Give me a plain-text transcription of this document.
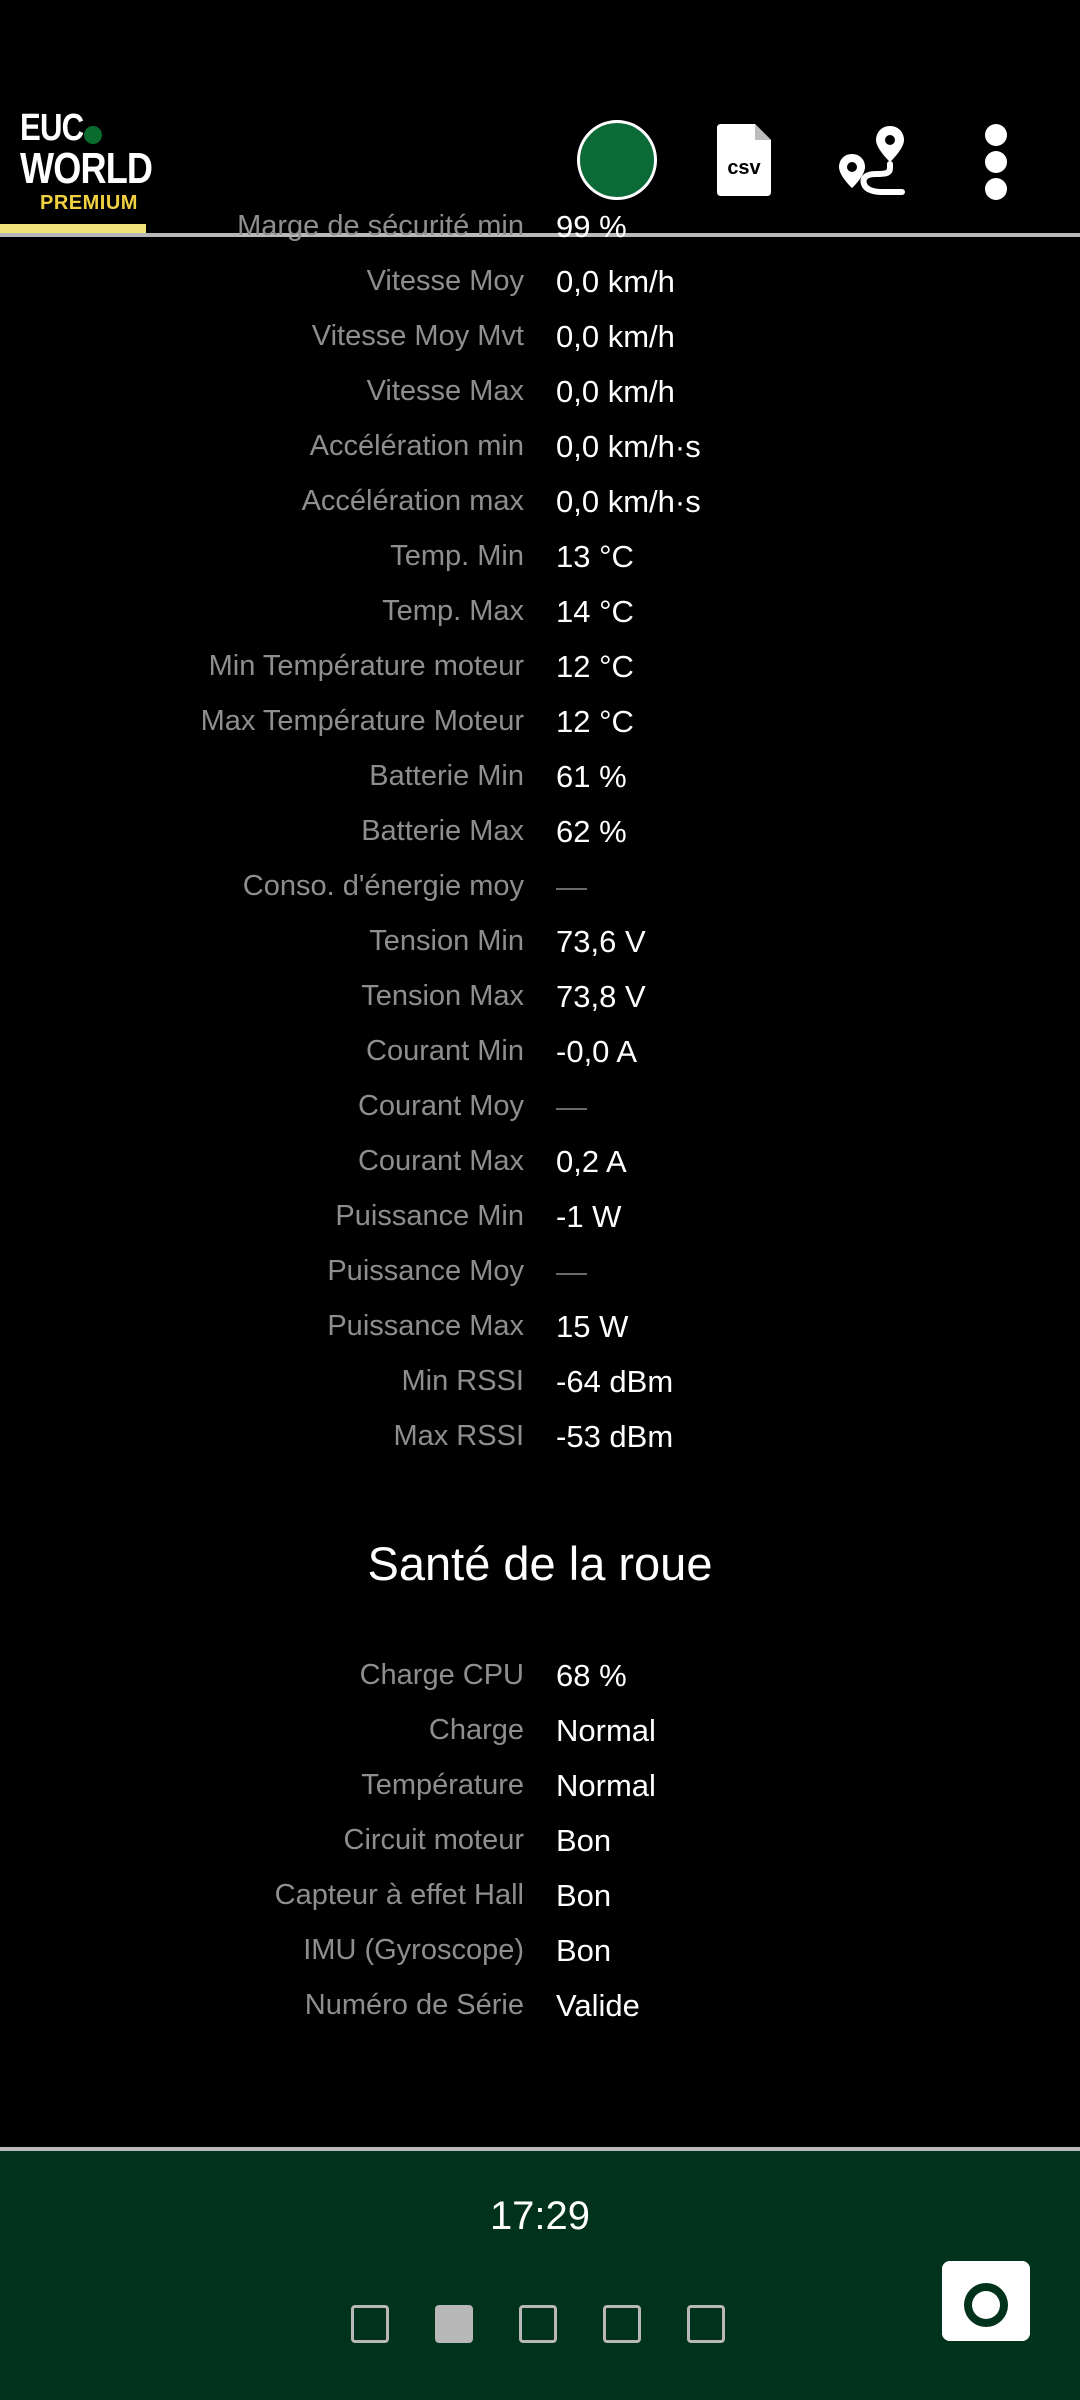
EUC
WORLD
PREMIUM
csv
Marge de sécurité min 99 %
Vitesse Moy 0,0 km/h
Vitesse Moy Mvt 0,0 km/h
Vitesse Max 0,0 km/h
Accélération min 0,0 km/h·s
Accélération max 0,0 km/h·s
Temp. Min 13 °C
Temp. Max 14 °C
Min Température moteur 12 °C
Max Température Moteur 12 °C
Batterie Min 61 %
Batterie Max 62 %
Conso. d'énergie moy —
Tension Min 73,6 V
Tension Max 73,8 V
Courant Min -0,0 A
Courant Moy —
Courant Max 0,2 A
Puissance Min -1 W
Puissance Moy —
Puissance Max 15 W
Min RSSI -64 dBm
Max RSSI -53 dBm
Santé de la roue
Charge CPU 68 %
Charge Normal
Température Normal
Circuit moteur Bon
Capteur à effet Hall Bon
IMU (Gyroscope) Bon
Numéro de Série Valide
17:29
